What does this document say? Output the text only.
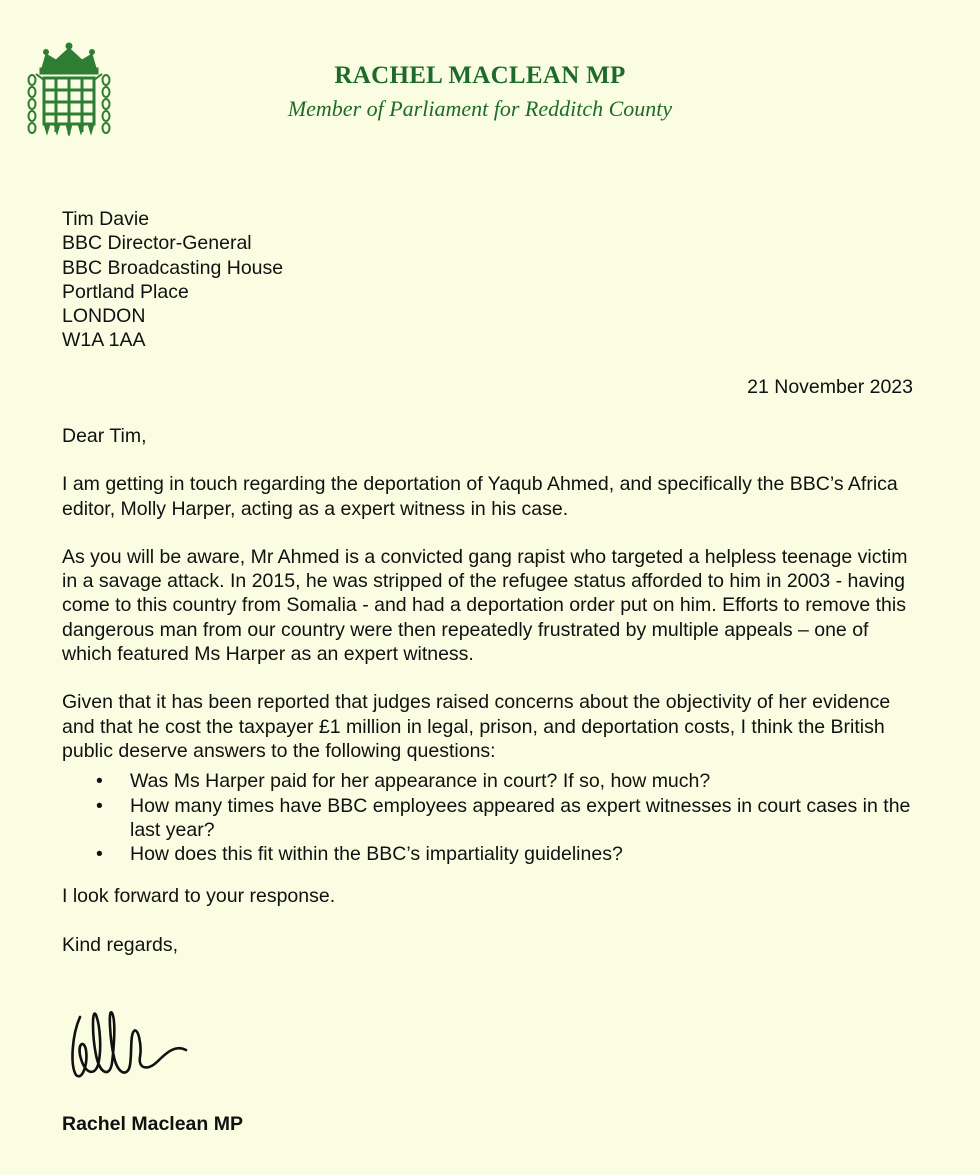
RACHEL MACLEAN MP
Member of Parliament for Redditch County
Tim Davie
BBC Director-General
BBC Broadcasting House
Portland Place
LONDON
W1A 1AA
21 November 2023

Dear Tim,

I am getting in touch regarding the deportation of Yaqub Ahmed, and specifically the BBC’s Africa editor, Molly Harper, acting as a expert witness in his case.

As you will be aware, Mr Ahmed is a convicted gang rapist who targeted a helpless teenage victim in a savage attack. In 2015, he was stripped of the refugee status afforded to him in 2003 - having come to this country from Somalia - and had a deportation order put on him. Efforts to remove this dangerous man from our country were then repeatedly frustrated by multiple appeals – one of which featured Ms Harper as an expert witness.

Given that it has been reported that judges raised concerns about the objectivity of her evidence and that he cost the taxpayer £1 million in legal, prison, and deportation costs, I think the British public deserve answers to the following questions:

• Was Ms Harper paid for her appearance in court? If so, how much?
• How many times have BBC employees appeared as expert witnesses in court cases in the last year?
• How does this fit within the BBC’s impartiality guidelines?

I look forward to your response.

Kind regards,

Rachel Maclean MP
